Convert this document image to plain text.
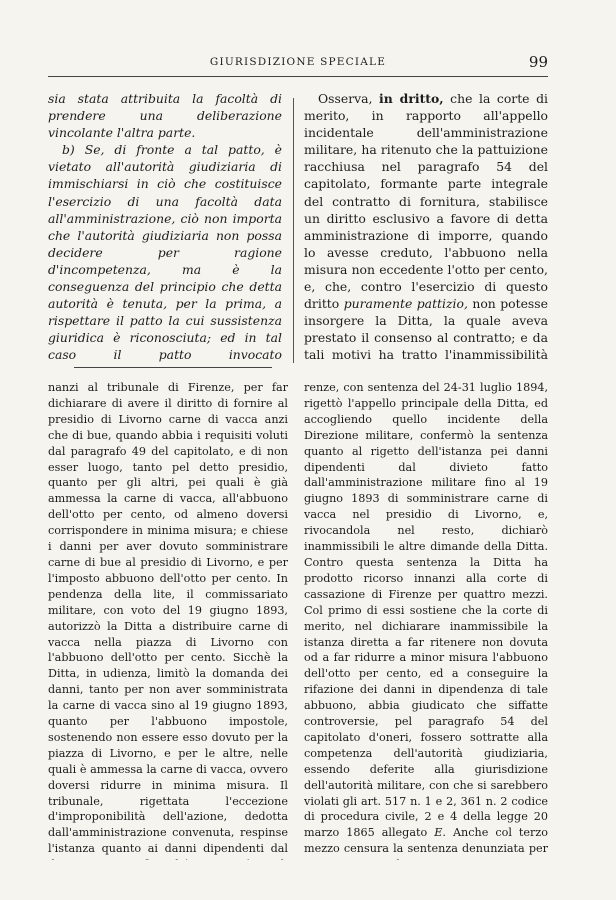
GIURISDIZIONE SPECIALE	99

sia stata attribuita la facoltà di prendere una deliberazione vincolante l'altra parte.

b) Se, di fronte a tal patto, è vietato all'autorità giudiziaria di immischiarsi in ciò che costituisce l'esercizio di una facoltà data all'amministrazione, ciò non importa che l'autorità giudiziaria non possa decidere per ragione d'incompetenza, ma è la conseguenza del principio che detta autorità è tenuta, per la prima, a rispettare il patto la cui sussistenza giuridica è riconosciuta; ed in tal caso il patto invocato

Osserva, in dritto, che la corte di merito, in rapporto all'appello incidentale dell'amministrazione militare, ha ritenuto che la pattuizione racchiusa nel paragrafo 54 del capitolato, formante parte integrale del contratto di fornitura, stabilisce un diritto esclusivo a favore di detta amministrazione di imporre, quando lo avesse creduto, l'abbuono nella misura non eccedente l'otto per cento, e, che, contro l'esercizio di questo dritto puramente pattizio, non potesse insorgere la Ditta, la quale aveva prestato il consenso al contratto; e da tali motivi ha tratto l'inammissibilità

nanzi al tribunale di Firenze, per far dichiarare di avere il diritto di fornire al presidio di Livorno carne di vacca anzi che di bue, quando abbia i requisiti voluti dal paragrafo 49 del capitolato, e di non esser luogo, tanto pel detto presidio, quanto per gli altri, pei quali è già ammessa la carne di vacca, all'abbuono dell'otto per cento, od almeno doversi corrispondere in minima misura; e chiese i danni per aver dovuto somministrare carne di bue al presidio di Livorno, e per l'imposto abbuono dell'otto per cento. In pendenza della lite, il commissariato militare, con voto del 19 giugno 1893, autorizzò la Ditta a distribuire carne di vacca nella piazza di Livorno con l'abbuono dell'otto per cento. Sicchè la Ditta, in udienza, limitò la domanda dei danni, tanto per non aver somministrata la carne di vacca sino al 19 giugno 1893, quanto per l'abbuono impostole, sostenendo non essere esso dovuto per la piazza di Livorno, e per le altre, nelle quali è ammessa la carne di vacca, ovvero doversi ridurre in minima misura. Il tribunale, rigettata l'eccezione d'improponibilità dell'azione, dedotta dall'amministrazione convenuta, respinse l'istanza quanto ai danni dipendenti dal

renze, con sentenza del 24-31 luglio 1894, rigettò l'appello principale della Ditta, ed accogliendo quello incidente della Direzione militare, confermò la sentenza quanto al rigetto dell'istanza pei danni dipendenti dal divieto fatto dall'amministrazione militare fino al 19 giugno 1893 di somministrare carne di vacca nel presidio di Livorno, e, rivocandola nel resto, dichiarò inammissibili le altre dimande della Ditta. Contro questa sentenza la Ditta ha prodotto ricorso innanzi alla corte di cassazione di Firenze per quattro mezzi. Col primo di essi sostiene che la corte di merito, nel dichiarare inammissibile la istanza diretta a far ritenere non dovuta od a far ridurre a minor misura l'abbuono dell'otto per cento, ed a conseguire la rifazione dei danni in dipendenza di tale abbuono, abbia giudicato che siffatte controversie, pel paragrafo 54 del capitolato d'oneri, fossero sottratte alla competenza dell'autorità giudiziaria, essendo deferite alla giurisdizione dell'autorità militare, con che si sarebbero violati gli art. 517 n. 1 e 2, 361 n. 2 codice di procedura civile, 2 e 4 della legge 20 marzo 1865 allegato E. Anche col terzo mezzo censura la sentenza denunziata per
